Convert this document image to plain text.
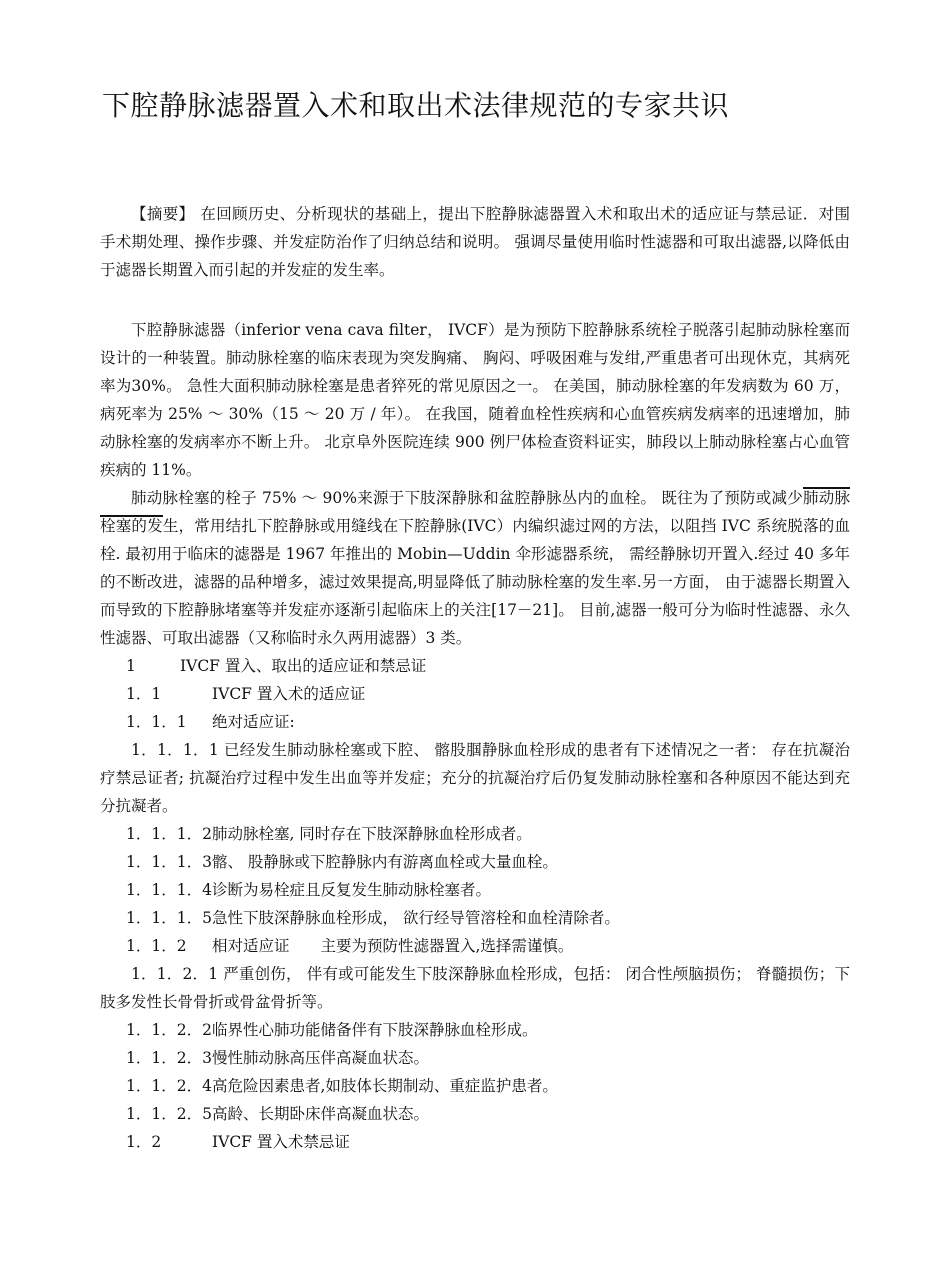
下腔静脉滤器置入术和取出术法律规范的专家共识

【摘要】 在回顾历史、分析现状的基础上，提出下腔静脉滤器置入术和取出术的适应证与禁忌证．对围手术期处理、操作步骤、并发症防治作了归纳总结和说明。 强调尽量使用临时性滤器和可取出滤器,以降低由于滤器长期置入而引起的并发症的发生率。

下腔静脉滤器（inferior vena cava filter， IVCF）是为预防下腔静脉系统栓子脱落引起肺动脉栓塞而设计的一种装置。肺动脉栓塞的临床表现为突发胸痛、 胸闷、呼吸困难与发绀,严重患者可出现休克，其病死率为30%。 急性大面积肺动脉栓塞是患者猝死的常见原因之一。 在美国，肺动脉栓塞的年发病数为 60 万，病死率为 25% ～ 30%（15 ～ 20 万 / 年）。 在我国，随着血栓性疾病和心血管疾病发病率的迅速增加，肺动脉栓塞的发病率亦不断上升。 北京阜外医院连续 900 例尸体检查资料证实，肺段以上肺动脉栓塞占心血管疾病的 11%。

肺动脉栓塞的栓子 75% ～ 90%来源于下肢深静脉和盆腔静脉丛内的血栓。 既往为了预防或减少肺动脉栓塞的发生，常用结扎下腔静脉或用缝线在下腔静脉(IVC）内编织滤过网的方法，以阻挡 IVC 系统脱落的血栓. 最初用于临床的滤器是 1967 年推出的 Mobin—Uddin 伞形滤器系统， 需经静脉切开置入.经过 40 多年的不断改进，滤器的品种增多，滤过效果提高,明显降低了肺动脉栓塞的发生率.另一方面， 由于滤器长期置入而导致的下腔静脉堵塞等并发症亦逐渐引起临床上的关注[17－21]。 目前,滤器一般可分为临时性滤器、永久性滤器、可取出滤器（又称临时永久两用滤器）3 类。

1	IVCF 置入、取出的适应证和禁忌证

1．1	IVCF 置入术的适应证

1．1．1 绝对适应证:

1．1．1．1 已经发生肺动脉栓塞或下腔、 髂股腘静脉血栓形成的患者有下述情况之一者： 存在抗凝治疗禁忌证者; 抗凝治疗过程中发生出血等并发症；充分的抗凝治疗后仍复发肺动脉栓塞和各种原因不能达到充分抗凝者。

1．1．1．2肺动脉栓塞, 同时存在下肢深静脉血栓形成者。

1．1．1．3髂、 股静脉或下腔静脉内有游离血栓或大量血栓。

1．1．1．4诊断为易栓症且反复发生肺动脉栓塞者。

1．1．1．5急性下肢深静脉血栓形成， 欲行经导管溶栓和血栓清除者。

1．1．2 相对适应证　　主要为预防性滤器置入,选择需谨慎。

1．1．2．1 严重创伤， 伴有或可能发生下肢深静脉血栓形成，包括： 闭合性颅脑损伤； 脊髓损伤；下肢多发性长骨骨折或骨盆骨折等。

1．1．2．2临界性心肺功能储备伴有下肢深静脉血栓形成。

1．1．2．3慢性肺动脉高压伴高凝血状态。

1．1．2．4高危险因素患者,如肢体长期制动、重症监护患者。

1．1．2．5高龄、长期卧床伴高凝血状态。

1．2	IVCF 置入术禁忌证
